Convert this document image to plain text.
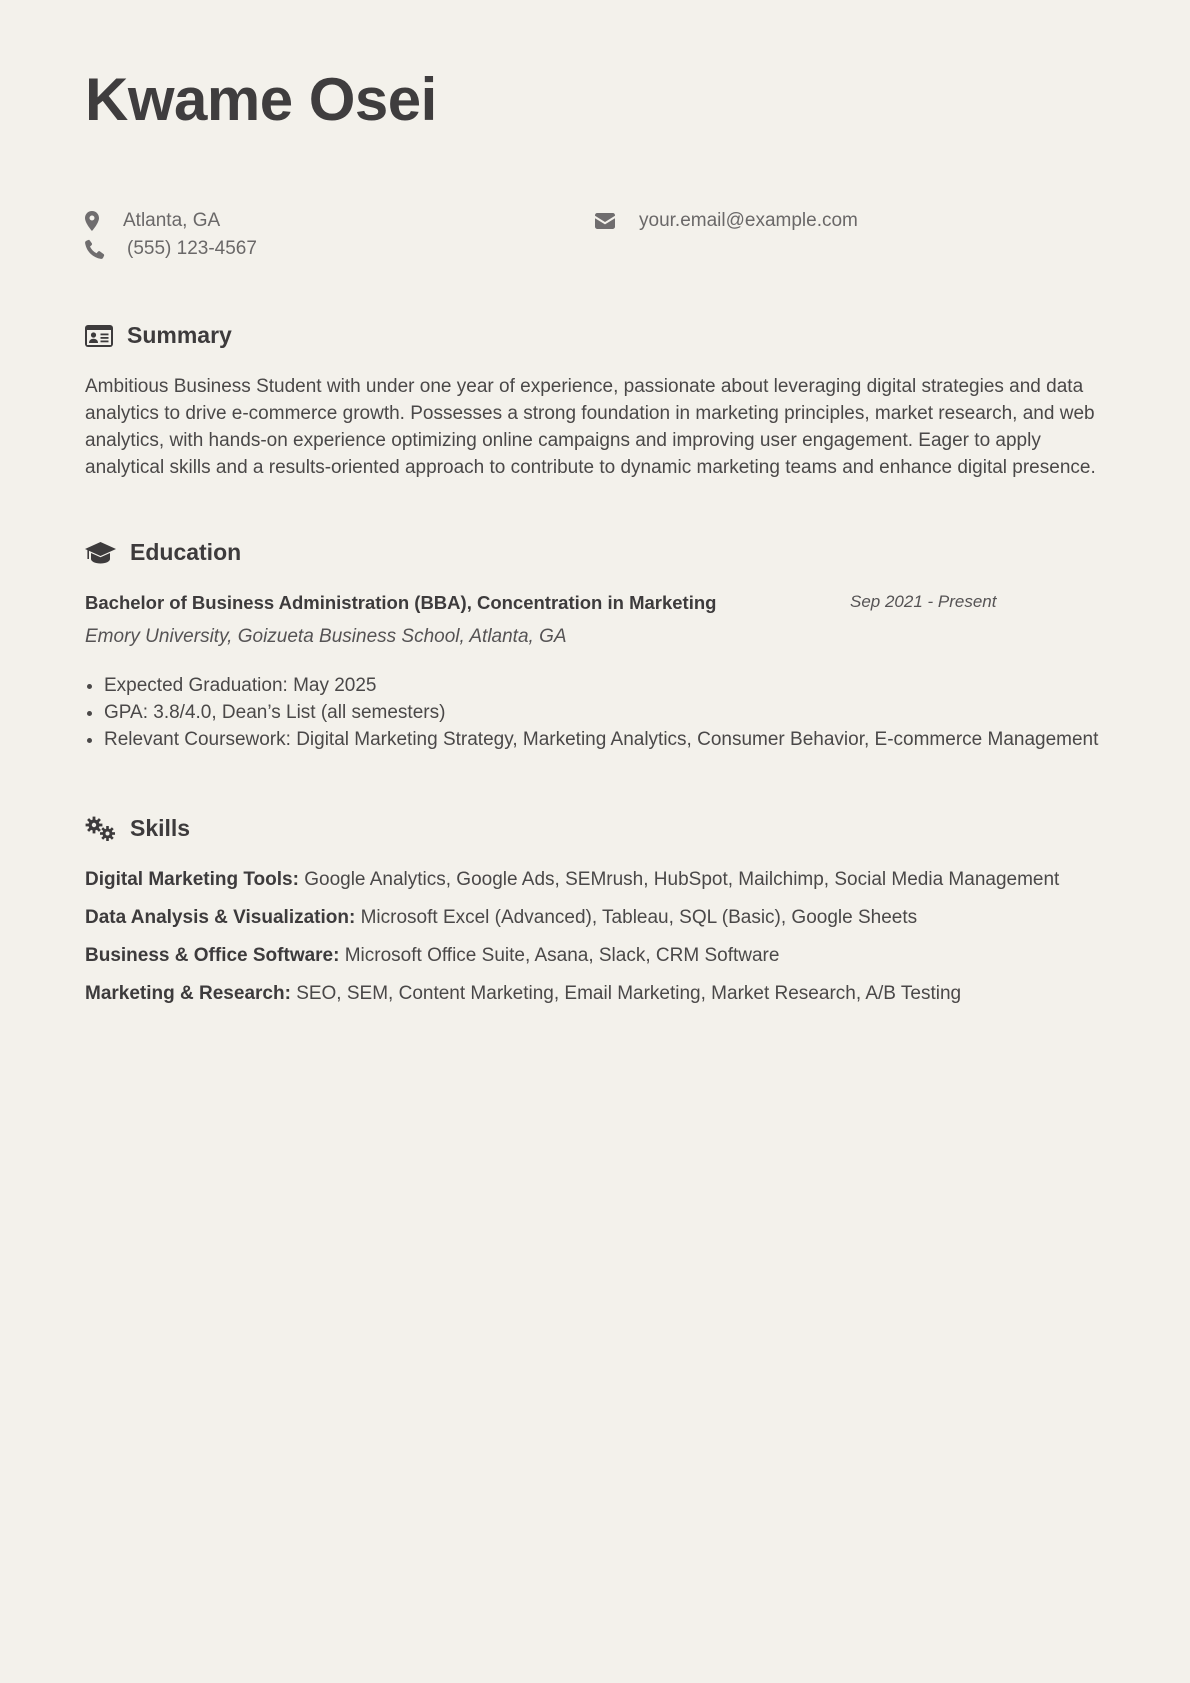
Kwame Osei
Atlanta, GA	your.email@example.com
(555) 123-4567
Summary

Ambitious Business Student with under one year of experience, passionate about leveraging digital strategies and data analytics to drive e-commerce growth. Possesses a strong foundation in marketing principles, market research, and web analytics, with hands-on experience optimizing online campaigns and improving user engagement. Eager to apply analytical skills and a results-oriented approach to contribute to dynamic marketing teams and enhance digital presence.

Education
Bachelor of Business Administration (BBA), Concentration in Marketing	Sep 2021 - Present
Emory University, Goizueta Business School, Atlanta, GA
• Expected Graduation: May 2025
• GPA: 3.8/4.0, Dean’s List (all semesters)
• Relevant Coursework: Digital Marketing Strategy, Marketing Analytics, Consumer Behavior, E-commerce Management
Skills

Digital Marketing Tools: Google Analytics, Google Ads, SEMrush, HubSpot, Mailchimp, Social Media Management

Data Analysis & Visualization: Microsoft Excel (Advanced), Tableau, SQL (Basic), Google Sheets

Business & Office Software: Microsoft Office Suite, Asana, Slack, CRM Software

Marketing & Research: SEO, SEM, Content Marketing, Email Marketing, Market Research, A/B Testing
